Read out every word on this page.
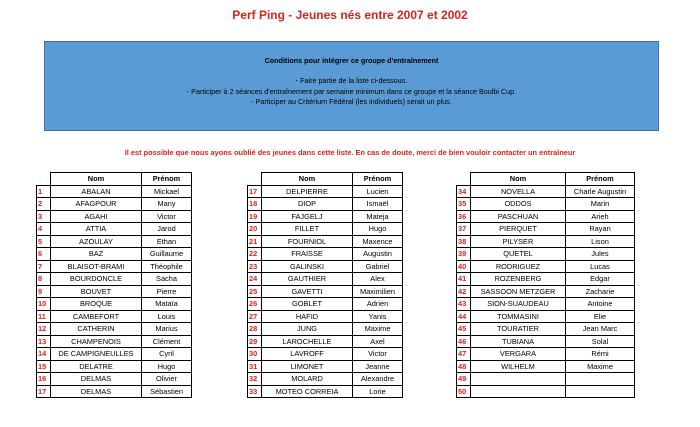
Perf Ping - Jeunes nés entre 2007 et 2002
Conditions pour intégrer ce groupe d'entraînement
- Faire partie de la liste ci-dessous.
- Participer à 2 séances d'entraînement par semaine minimum dans ce groupe et la séance Boulbi Cup.
- Participer au Critérium Fédéral (les individuels) serait un plus.
Il est possible que nous ayons oublié des jeunes dans cette liste. En cas de doute, merci de bien vouloir contacter un entraîneur
	Nom	Prénom
1	ABALAN	Mickael
2	AFAGPOUR	Many
3	AGAHI	Victor
4	ATTIA	Jarod
5	AZOULAY	Ethan
6	BAZ	Guillaume
7	BLAISOT-BRAMI	Théophile
8	BOURDONCLE	Sacha
9	BOUVET	Pierre
10	BROQUE	Mataïa
11	CAMBEFORT	Louis
12	CATHERIN	Marius
13	CHAMPENOIS	Clément
14	DE CAMPIGNEULLES	Cyril
15	DELATRE	Hugo
16	DELMAS	Olivier
17	DELMAS	Sébastien
	Nom	Prénom
17	DELPIERRE	Lucien
18	DIOP	Ismaël
19	FAJGELJ	Mateja
20	FILLET	Hugo
21	FOURNIOL	Maxence
22	FRAISSE	Augustin
23	GALINSKI	Gabriel
24	GAUTHIER	Alex
25	GAVETTI	Maximilien
26	GOBLET	Adrien
27	HAFID	Yanis
28	JUNG	Maxime
29	LAROCHELLE	Axel
30	LAVROFF	Victor
31	LIMONET	Jeanne
32	MOLARD	Alexandre
33	MOTEO CORREIA	Lorie
	Nom	Prénom
34	NOVELLA	Charle Augustin
35	ODDOS	Marin
36	PASCHUAN	Arieh
37	PIERQUET	Rayan
38	PILYSER	Lison
39	QUETEL	Jules
40	RODRIGUEZ	Lucas
41	ROZENBERG	Edgar
42	SASSOON METZGER	Zacharie
43	SION-SUAUDEAU	Antoine
44	TOMMASINI	Elie
45	TOURATIER	Jean Marc
46	TUBIANA	Solal
47	VERGARA	Rémi
48	WILHELM	Maxime
49		
50		
